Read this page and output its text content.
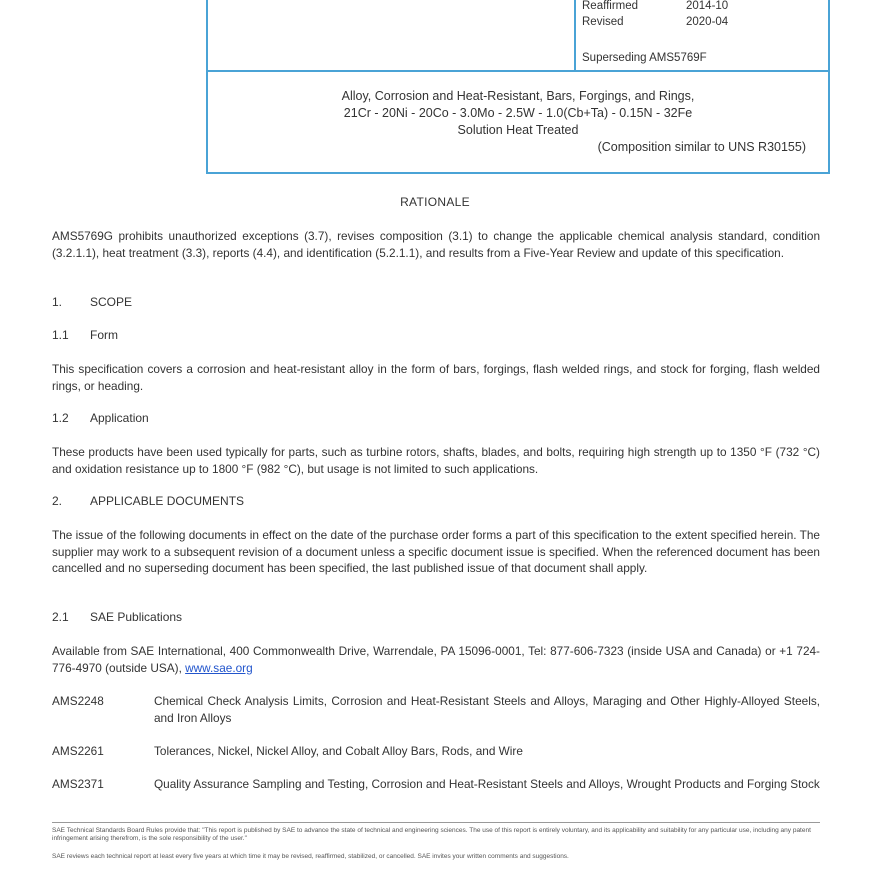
Reaffirmed	2014-10
Revised	2020-04
Superseding AMS5769F
Alloy, Corrosion and Heat-Resistant, Bars, Forgings, and Rings,
21Cr - 20Ni - 20Co - 3.0Mo - 2.5W - 1.0(Cb+Ta) - 0.15N - 32Fe
Solution Heat Treated
(Composition similar to UNS R30155)
RATIONALE

AMS5769G prohibits unauthorized exceptions (3.7), revises composition (3.1) to change the applicable chemical analysis standard, condition (3.2.1.1), heat treatment (3.3), reports (4.4), and identification (5.2.1.1), and results from a Five-Year Review and update of this specification.

1. SCOPE
1.1 Form

This specification covers a corrosion and heat-resistant alloy in the form of bars, forgings, flash welded rings, and stock for forging, flash welded rings, or heading.

1.2 Application

These products have been used typically for parts, such as turbine rotors, shafts, blades, and bolts, requiring high strength up to 1350 °F (732 °C) and oxidation resistance up to 1800 °F (982 °C), but usage is not limited to such applications.

2. APPLICABLE DOCUMENTS

The issue of the following documents in effect on the date of the purchase order forms a part of this specification to the extent specified herein. The supplier may work to a subsequent revision of a document unless a specific document issue is specified. When the referenced document has been cancelled and no superseding document has been specified, the last published issue of that document shall apply.

2.1 SAE Publications

Available from SAE International, 400 Commonwealth Drive, Warrendale, PA 15096-0001, Tel: 877-606-7323 (inside USA and Canada) or +1 724-776-4970 (outside USA), www.sae.org

AMS2248	Chemical Check Analysis Limits, Corrosion and Heat-Resistant Steels and Alloys, Maraging and Other Highly-Alloyed Steels, and Iron Alloys
AMS2261	Tolerances, Nickel, Nickel Alloy, and Cobalt Alloy Bars, Rods, and Wire
AMS2371	Quality Assurance Sampling and Testing, Corrosion and Heat-Resistant Steels and Alloys, Wrought Products and Forging Stock
SAE Technical Standards Board Rules provide that: "This report is published by SAE to advance the state of technical and engineering sciences. The use of this report is entirely voluntary, and its applicability and suitability for any particular use, including any patent infringement arising therefrom, is the sole responsibility of the user."
SAE reviews each technical report at least every five years at which time it may be revised, reaffirmed, stabilized, or cancelled. SAE invites your written comments and suggestions.
